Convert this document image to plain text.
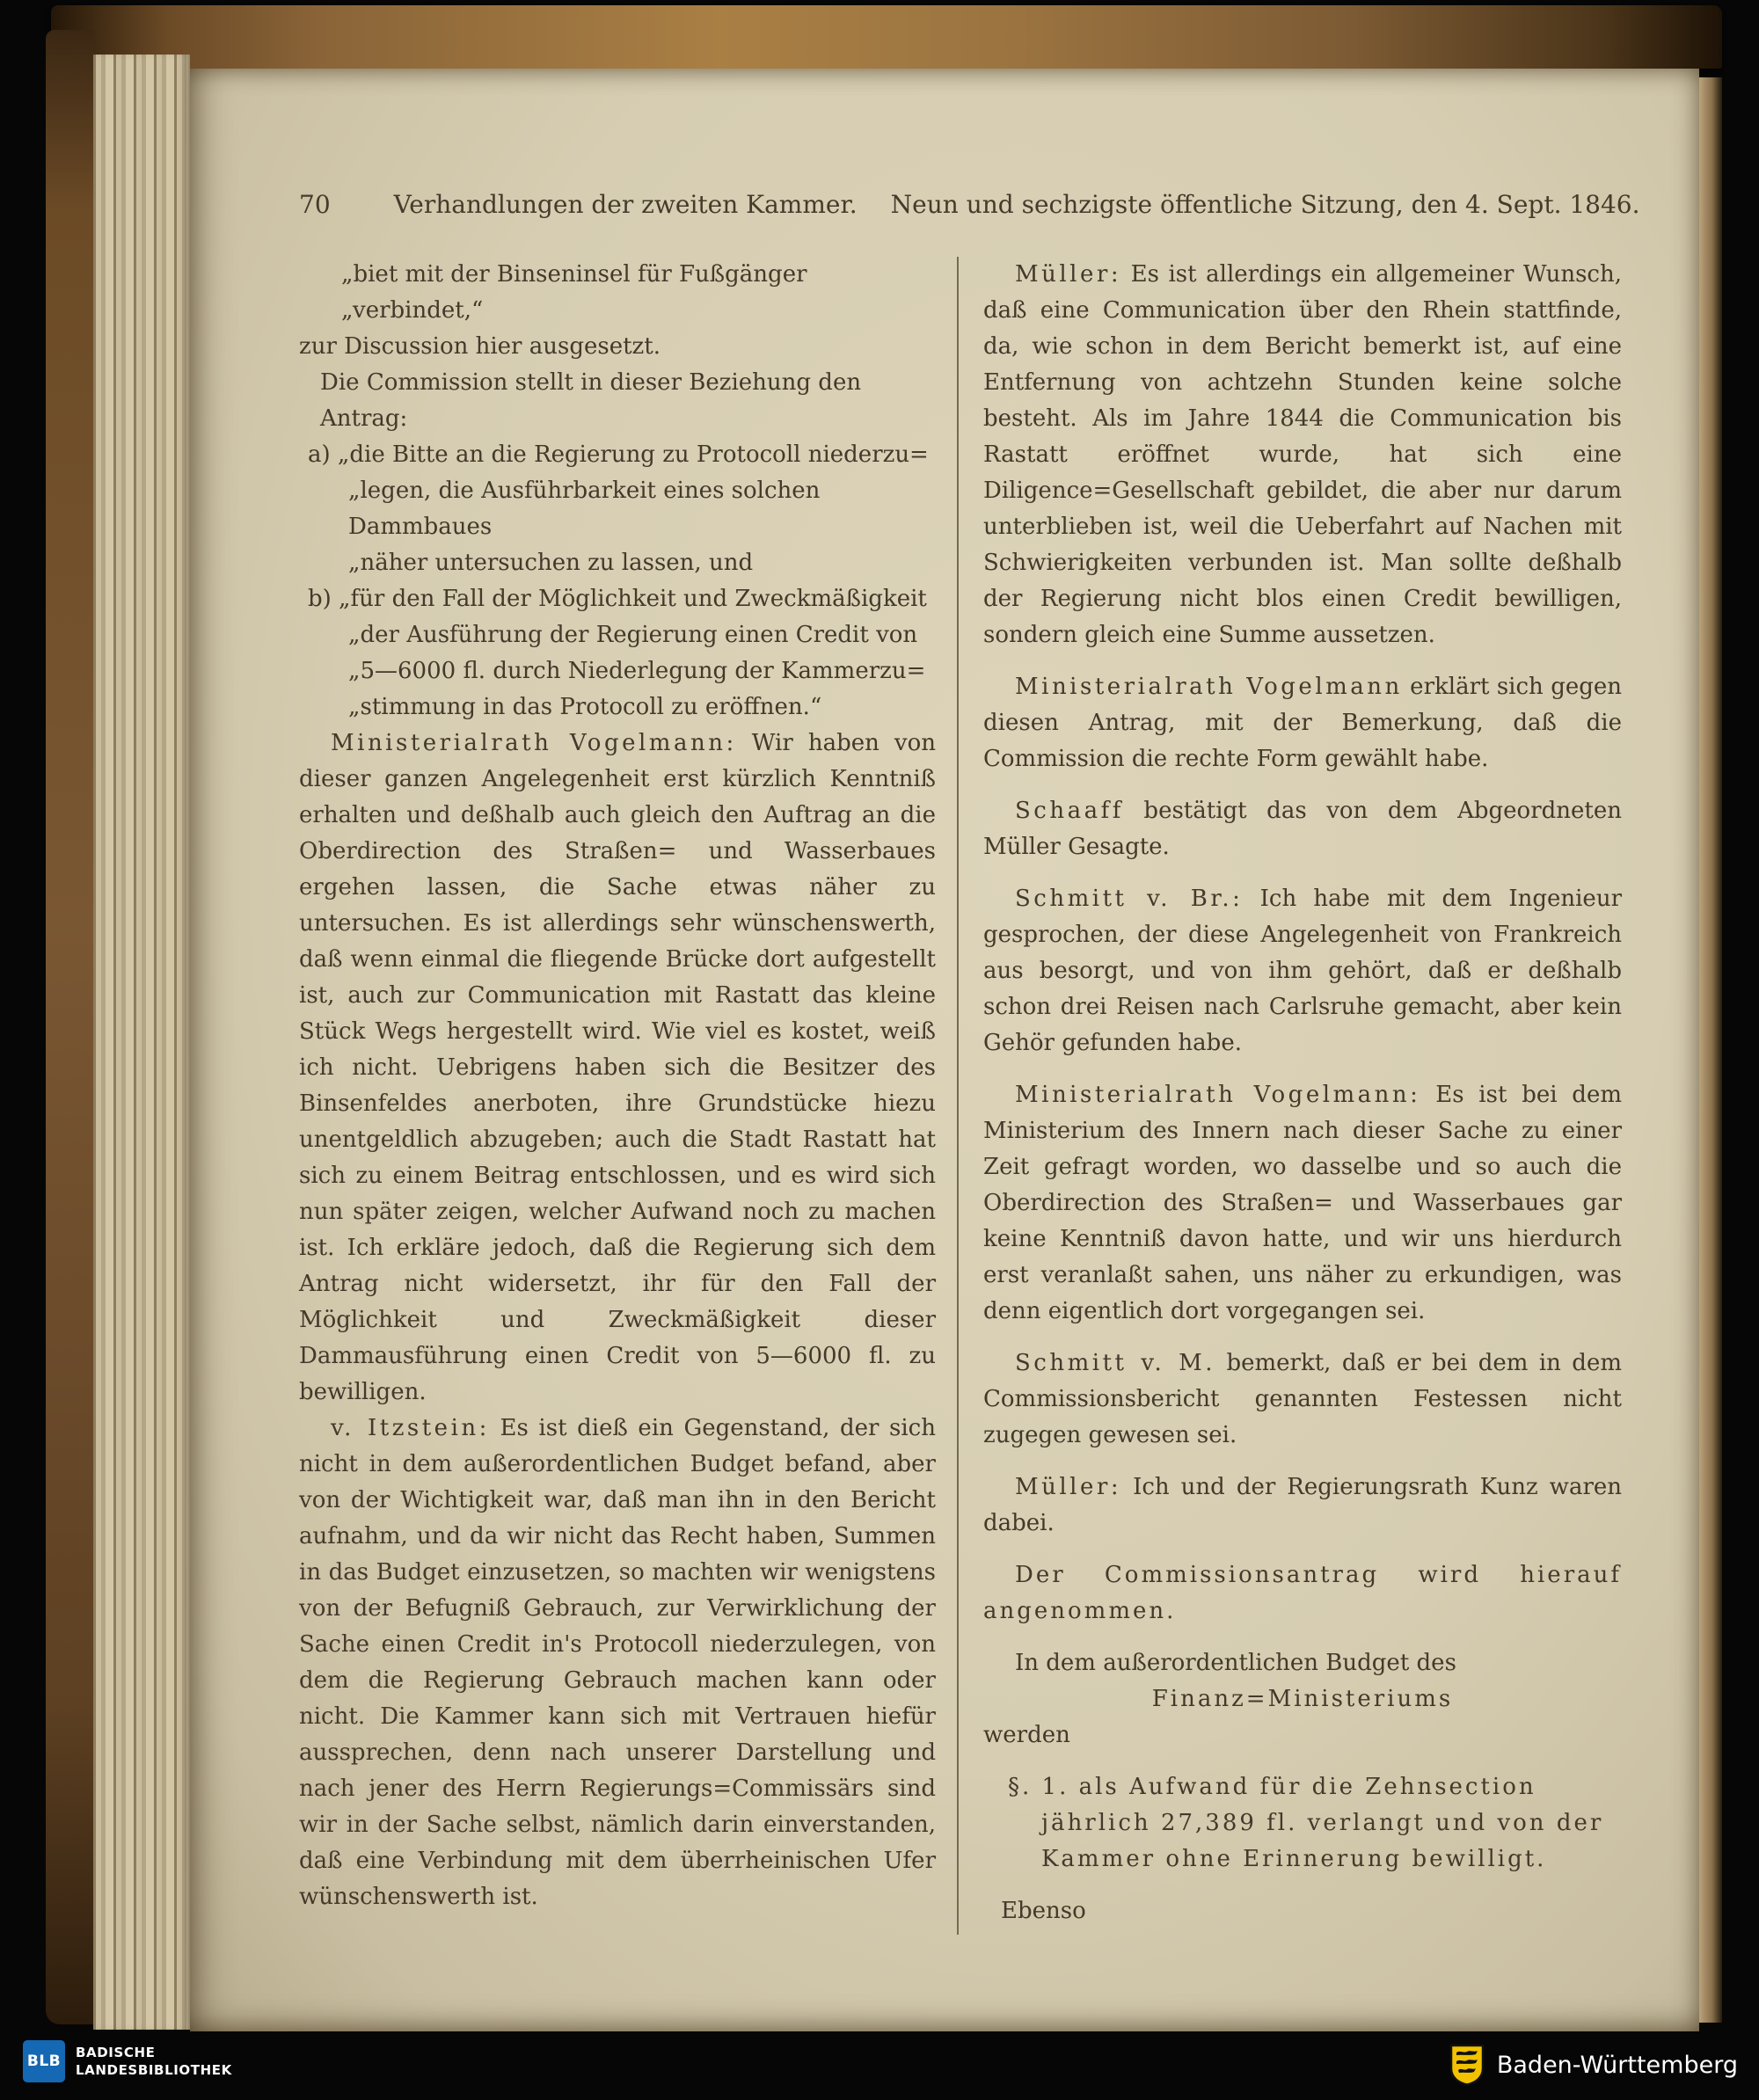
70	Verhandlungen der zweiten Kammer. Neun und sechzigste öffentliche Sitzung, den 4. Sept. 1846.

„biet mit der Binseninsel für Fußgänger

„verbindet,“

zur Discussion hier ausgesetzt.

Die Commission stellt in dieser Beziehung den Antrag:

a) „die Bitte an die Regierung zu Protocoll niederzu=

„legen, die Ausführbarkeit eines solchen Dammbaues

„näher untersuchen zu lassen, und

b) „für den Fall der Möglichkeit und Zweckmäßigkeit

„der Ausführung der Regierung einen Credit von

„5—6000 fl. durch Niederlegung der Kammerzu=

„stimmung in das Protocoll zu eröffnen.“

Ministerialrath Vogelmann: Wir haben von dieser ganzen Angelegenheit erst kürzlich Kenntniß erhalten und deßhalb auch gleich den Auftrag an die Oberdirection des Straßen= und Wasserbaues ergehen lassen, die Sache etwas näher zu untersuchen. Es ist allerdings sehr wünschenswerth, daß wenn einmal die fliegende Brücke dort aufgestellt ist, auch zur Communication mit Rastatt das kleine Stück Wegs hergestellt wird. Wie viel es kostet, weiß ich nicht. Uebrigens haben sich die Besitzer des Binsenfeldes anerboten, ihre Grundstücke hiezu unentgeldlich abzugeben; auch die Stadt Rastatt hat sich zu einem Beitrag entschlossen, und es wird sich nun später zeigen, welcher Aufwand noch zu machen ist. Ich erkläre jedoch, daß die Regierung sich dem Antrag nicht widersetzt, ihr für den Fall der Möglichkeit und Zweckmäßigkeit dieser Dammausführung einen Credit von 5—6000 fl. zu bewilligen.

v. Itzstein: Es ist dieß ein Gegenstand, der sich nicht in dem außerordentlichen Budget befand, aber von der Wichtigkeit war, daß man ihn in den Bericht aufnahm, und da wir nicht das Recht haben, Summen in das Budget einzusetzen, so machten wir wenigstens von der Befugniß Gebrauch, zur Verwirklichung der Sache einen Credit in's Protocoll niederzulegen, von dem die Regierung Gebrauch machen kann oder nicht. Die Kammer kann sich mit Vertrauen hiefür aussprechen, denn nach unserer Darstellung und nach jener des Herrn Regierungs=Commissärs sind wir in der Sache selbst, nämlich darin einverstanden, daß eine Verbindung mit dem überrheinischen Ufer wünschenswerth ist.

Müller: Es ist allerdings ein allgemeiner Wunsch, daß eine Communication über den Rhein stattfinde, da, wie schon in dem Bericht bemerkt ist, auf eine Entfernung von achtzehn Stunden keine solche besteht. Als im Jahre 1844 die Communication bis Rastatt eröffnet wurde, hat sich eine Diligence=Gesellschaft gebildet, die aber nur darum unterblieben ist, weil die Ueberfahrt auf Nachen mit Schwierigkeiten verbunden ist. Man sollte deßhalb der Regierung nicht blos einen Credit bewilligen, sondern gleich eine Summe aussetzen.

Ministerialrath Vogelmann erklärt sich gegen diesen Antrag, mit der Bemerkung, daß die Commission die rechte Form gewählt habe.

Schaaff bestätigt das von dem Abgeordneten Müller Gesagte.

Schmitt v. Br.: Ich habe mit dem Ingenieur gesprochen, der diese Angelegenheit von Frankreich aus besorgt, und von ihm gehört, daß er deßhalb schon drei Reisen nach Carlsruhe gemacht, aber kein Gehör gefunden habe.

Ministerialrath Vogelmann: Es ist bei dem Ministerium des Innern nach dieser Sache zu einer Zeit gefragt worden, wo dasselbe und so auch die Oberdirection des Straßen= und Wasserbaues gar keine Kenntniß davon hatte, und wir uns hierdurch erst veranlaßt sahen, uns näher zu erkundigen, was denn eigentlich dort vorgegangen sei.

Schmitt v. M. bemerkt, daß er bei dem in dem Commissionsbericht genannten Festessen nicht zugegen gewesen sei.

Müller: Ich und der Regierungsrath Kunz waren dabei.

Der Commissionsantrag wird hierauf angenommen.

In dem außerordentlichen Budget des

Finanz=Ministeriums

werden

§. 1. als Aufwand für die Zehnsection jährlich 27,389 fl. verlangt und von der Kammer ohne Erinnerung bewilligt.

Ebenso

BLB BADISCHE
LANDESBIBLIOTHEK	Baden-Württemberg
